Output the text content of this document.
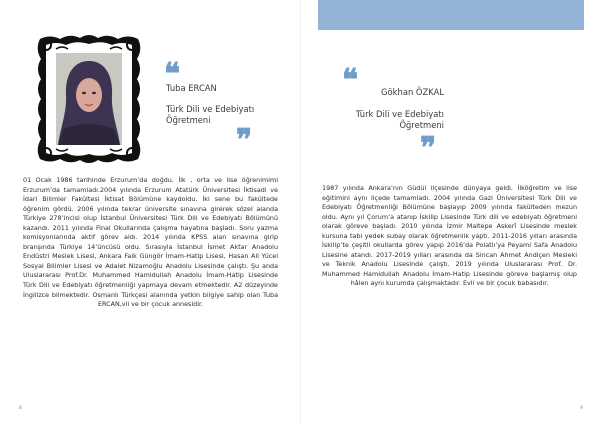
❝
Tuba ERCAN
Türk Dili ve Edebiyatı Öğretmeni
❞
01 Ocak 1986 tarihinde Erzurum’da doğdu. İlk , orta ve lise öğrenimimi Erzurum’da tamamladı.2004 yılında Erzurum Atatürk Üniversitesi İktisadi ve İdari Bilimler Fakültesi İktisat Bölümüne kaydoldu. İki sene bu fakültede öğrenim gördü. 2006 yılında tekrar üniversite sınavına girerek sözel alanda Türkiye 278’incisi olup İstanbul Üniversitesi Türk Dili ve Edebiyatı Bölümünü kazandı. 2011 yılında Final Okullarında çalışma hayatına başladı. Soru yazma komisyonlarında aktif görev aldı. 2014 yılında KPSS alan sınavına girip branşında Türkiye 14’üncüsü oldu. Sırasıyla İstanbul İsmet Aktar Anadolu Endüstri Meslek Lisesi, Ankara Faik Güngör İmam-Hatip Lisesi, Hasan Ali Yücel Sosyal Bilimler Lisesi ve Adalet Nizamoğlu Anadolu Lisesinde çalıştı. Şu anda Uluslararası Prof.Dr. Muhammed Hamidullah Anadolu İmam-Hatip Lisesinde Türk Dili ve Edebiyatı öğretmenliği yapmaya devam etmektedir. A2 düzeyinde İngilizce bilmektedir. Osmanlı Türkçesi alanında yetkin bilgiye sahip olan Tuba ERCAN,vli ve bir çocuk annesidir.
8
❝	Gökhan ÖZKAL
Türk Dili ve Edebiyatı Öğretmeni
❞
1987 yılında Ankara’nın Güdül ilçesinde dünyaya geldi. İlköğretim ve lise eğitimini aynı ilçede tamamladı. 2004 yılında Gazi Üniversitesi Türk Dili ve Edebiyatı Öğretmenliği Bölümüne başlayıp 2009 yılında fakülteden mezun oldu. Aynı yıl Çorum’a atanıp İskilip Lisesinde Türk dili ve edebiyatı öğretmeni olarak göreve başladı. 2010 yılında İzmir Maltepe Askerî Lisesinde meslek kursuna tabi yedek subay olarak öğretmenlik yaptı. 2011-2016 yılları arasında İskilip’te çeşitli okullarda görev yapıp 2016’da Polatlı’ya Peyami Safa Anadolu Lisesine atandı. 2017-2019 yılları arasında da Sincan Ahmet Andiçen Mesleki ve Teknik Anadolu Lisesinde çalıştı. 2019 yılında Uluslararası Prof. Dr. Muhammed Hamidullah Anadolu İmam-Hatip Lisesinde göreve başlamış olup hâlen aynı kurumda çalışmaktadır. Evli ve bir çocuk babasıdır.
9
